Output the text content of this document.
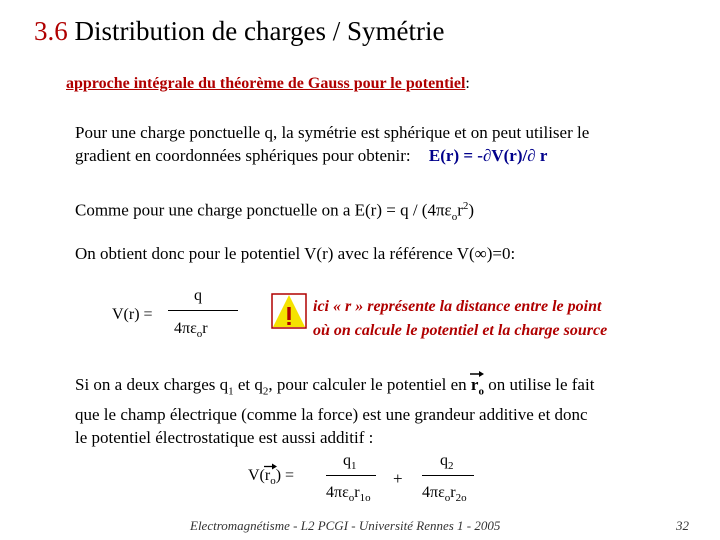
3.6 Distribution de charges / Symétrie
approche intégrale du théorème de Gauss pour le potentiel:
Pour une charge ponctuelle q, la symétrie est sphérique et on peut utiliser le
gradient en coordonnées sphériques pour obtenir: E(r) = -∂V(r)/∂ r
Comme pour une charge ponctuelle on a $E(r) = q / (4\pi\varepsilon_or^2)$
On obtient donc pour le potentiel V(r) avec la référence V(∞)=0:
V(r) =
q
$4\pi\varepsilon_or$
ici « r » représente la distance entre le point
où on calcule le potentiel et la charge source
Si on a deux charges $q_1$ et $q_2$, pour calculer le potentiel en
$r_o$ on utilise le fait
que le champ électrique (comme la force) est une grandeur additive et donc
le potentiel électrostatique est aussi additif :
V(
$r_o$) =
$q_1$
$4\pi\varepsilon_or_{1o}$
+
$q_2$
$4\pi\varepsilon_or_{2o}$
Electromagnétisme - L2 PCGI - Université Rennes 1 - 2005	32
